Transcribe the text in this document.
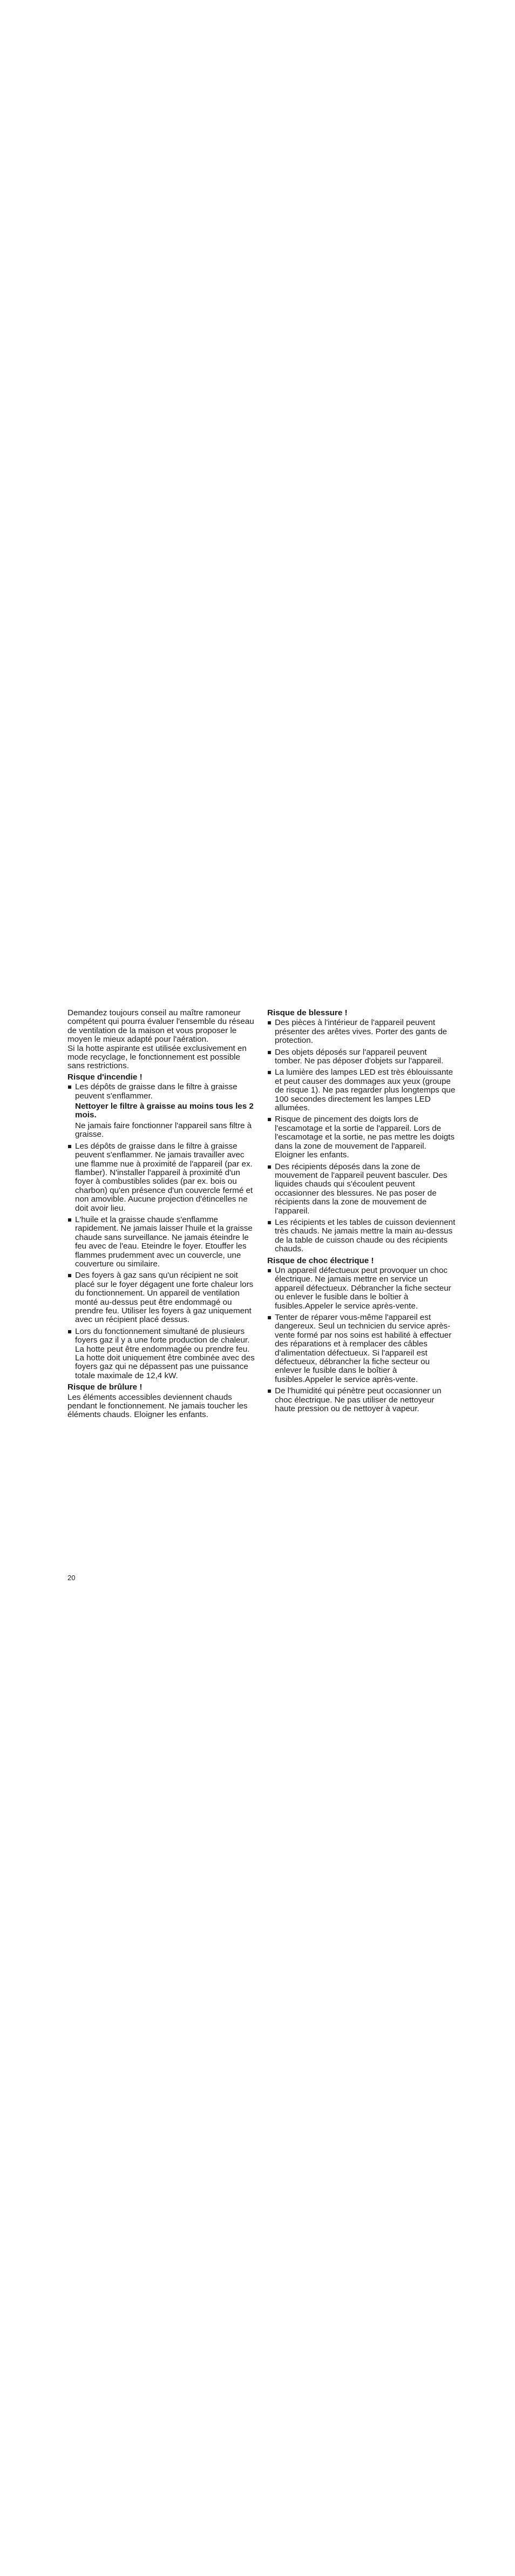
Demandez toujours conseil au maître ramoneur compétent qui pourra évaluer l'ensemble du réseau de ventilation de la maison et vous proposer le moyen le mieux adapté pour l'aération.

Si la hotte aspirante est utilisée exclusivement en mode recyclage, le fonctionnement est possible sans restrictions.

Risque d'incendie !
Les dépôts de graisse dans le filtre à graisse peuvent s'enflammer.
Nettoyer le filtre à graisse au moins tous les 2 mois.
Ne jamais faire fonctionner l'appareil sans filtre à graisse.
Les dépôts de graisse dans le filtre à graisse peuvent s'enflammer. Ne jamais travailler avec une flamme nue à proximité de l'appareil (par ex. flamber). N'installer l'appareil à proximité d'un foyer à combustibles solides (par ex. bois ou charbon) qu'en présence d'un couvercle fermé et non amovible. Aucune projection d'étincelles ne doit avoir lieu.
L'huile et la graisse chaude s'enflamme rapidement. Ne jamais laisser l'huile et la graisse chaude sans surveillance. Ne jamais éteindre le feu avec de l'eau. Eteindre le foyer. Etouffer les flammes prudemment avec un couvercle, une couverture ou similaire.
Des foyers à gaz sans qu'un récipient ne soit placé sur le foyer dégagent une forte chaleur lors du fonctionnement. Un appareil de ventilation monté au-dessus peut être endommagé ou prendre feu. Utiliser les foyers à gaz uniquement avec un récipient placé dessus.
Lors du fonctionnement simultané de plusieurs foyers gaz il y a une forte production de chaleur. La hotte peut être endommagée ou prendre feu. La hotte doit uniquement être combinée avec des foyers gaz qui ne dépassent pas une puissance totale maximale de 12,4 kW.
Risque de brûlure !

Les éléments accessibles deviennent chauds pendant le fonctionnement. Ne jamais toucher les éléments chauds. Eloigner les enfants.

Risque de blessure !
Des pièces à l'intérieur de l'appareil peuvent présenter des arêtes vives. Porter des gants de protection.
Des objets déposés sur l'appareil peuvent tomber. Ne pas déposer d'objets sur l'appareil.
La lumière des lampes LED est très éblouissante et peut causer des dommages aux yeux (groupe de risque 1). Ne pas regarder plus longtemps que 100 secondes directement les lampes LED allumées.
Risque de pincement des doigts lors de l'escamotage et la sortie de l'appareil. Lors de l'escamotage et la sortie, ne pas mettre les doigts dans la zone de mouvement de l'appareil. Eloigner les enfants.
Des récipients déposés dans la zone de mouvement de l'appareil peuvent basculer. Des liquides chauds qui s'écoulent peuvent occasionner des blessures. Ne pas poser de récipients dans la zone de mouvement de l'appareil.
Les récipients et les tables de cuisson deviennent très chauds. Ne jamais mettre la main au-dessus de la table de cuisson chaude ou des récipients chauds.
Risque de choc électrique !
Un appareil défectueux peut provoquer un choc électrique. Ne jamais mettre en service un appareil défectueux. Débrancher la fiche secteur ou enlever le fusible dans le boîtier à fusibles.Appeler le service après-vente.
Tenter de réparer vous-même l'appareil est dangereux. Seul un technicien du service après-vente formé par nos soins est habilité à effectuer des réparations et à remplacer des câbles d'alimentation défectueux. Si l'appareil est défectueux, débrancher la fiche secteur ou enlever le fusible dans le boîtier à fusibles.Appeler le service après-vente.
De l'humidité qui pénètre peut occasionner un choc électrique. Ne pas utiliser de nettoyeur haute pression ou de nettoyer à vapeur.
20
